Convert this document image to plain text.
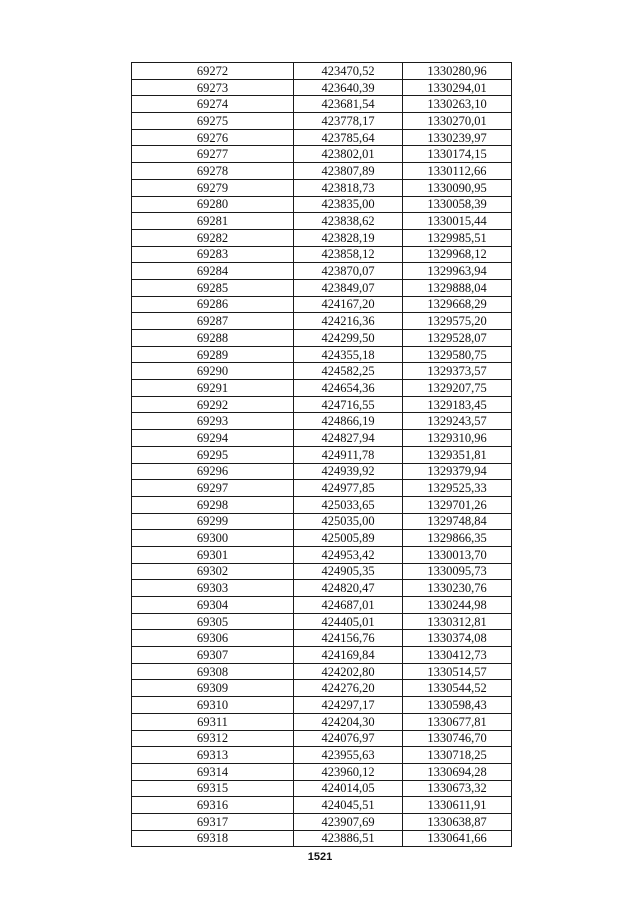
69272	423470,52	1330280,96
69273	423640,39	1330294,01
69274	423681,54	1330263,10
69275	423778,17	1330270,01
69276	423785,64	1330239,97
69277	423802,01	1330174,15
69278	423807,89	1330112,66
69279	423818,73	1330090,95
69280	423835,00	1330058,39
69281	423838,62	1330015,44
69282	423828,19	1329985,51
69283	423858,12	1329968,12
69284	423870,07	1329963,94
69285	423849,07	1329888,04
69286	424167,20	1329668,29
69287	424216,36	1329575,20
69288	424299,50	1329528,07
69289	424355,18	1329580,75
69290	424582,25	1329373,57
69291	424654,36	1329207,75
69292	424716,55	1329183,45
69293	424866,19	1329243,57
69294	424827,94	1329310,96
69295	424911,78	1329351,81
69296	424939,92	1329379,94
69297	424977,85	1329525,33
69298	425033,65	1329701,26
69299	425035,00	1329748,84
69300	425005,89	1329866,35
69301	424953,42	1330013,70
69302	424905,35	1330095,73
69303	424820,47	1330230,76
69304	424687,01	1330244,98
69305	424405,01	1330312,81
69306	424156,76	1330374,08
69307	424169,84	1330412,73
69308	424202,80	1330514,57
69309	424276,20	1330544,52
69310	424297,17	1330598,43
69311	424204,30	1330677,81
69312	424076,97	1330746,70
69313	423955,63	1330718,25
69314	423960,12	1330694,28
69315	424014,05	1330673,32
69316	424045,51	1330611,91
69317	423907,69	1330638,87
69318	423886,51	1330641,66
1521
